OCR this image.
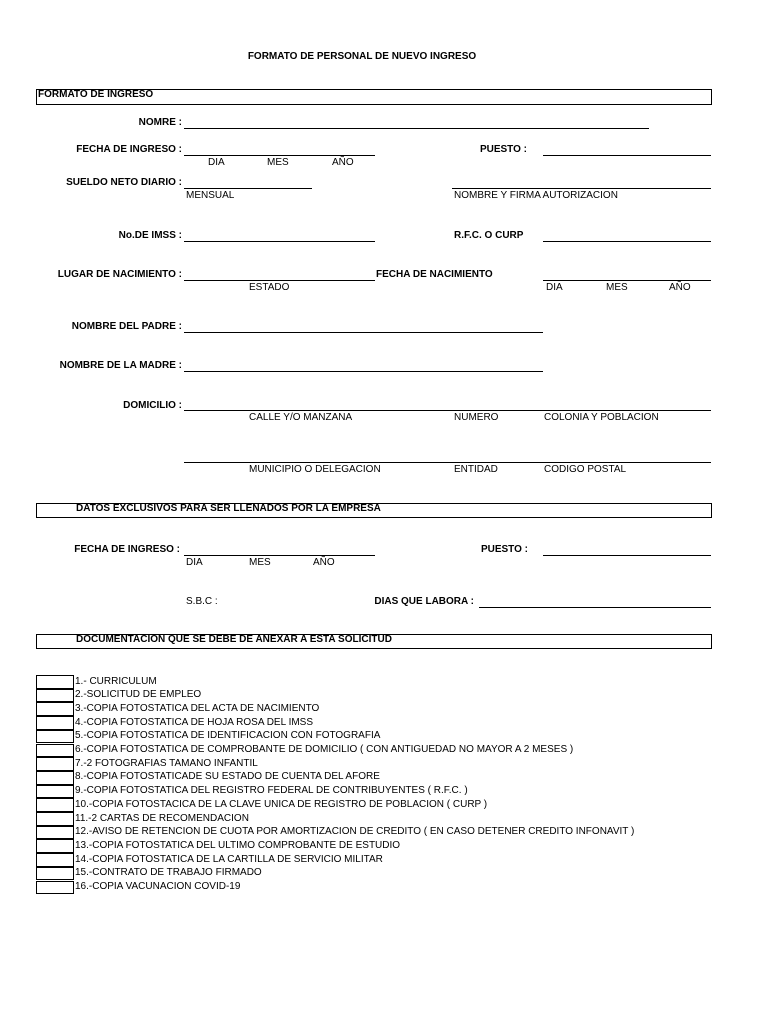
FORMATO DE PERSONAL DE NUEVO INGRESO
FORMATO DE INGRESO
NOMRE :
FECHA DE INGRESO :
DIA	MES	AÑO
PUESTO :
SUELDO NETO DIARIO :
MENSUAL	NOMBRE Y FIRMA AUTORIZACION
No.DE IMSS :	R.F.C. O CURP
LUGAR DE NACIMIENTO :
ESTADO
FECHA DE NACIMIENTO
DIA	MES	AÑO
NOMBRE DEL PADRE :
NOMBRE DE LA MADRE :
DOMICILIO :
CALLE Y/O MANZANA	NUMERO	COLONIA Y POBLACION
MUNICIPIO O DELEGACION	ENTIDAD	CODIGO POSTAL
DATOS EXCLUSIVOS PARA SER LLENADOS POR LA EMPRESA
FECHA DE INGRESO :
DIA	MES	AÑO
PUESTO :
S.B.C :	DIAS QUE LABORA :
DOCUMENTACION QUE SE DEBE DE ANEXAR A ESTA SOLICITUD
1.- CURRICULUM
2.-SOLICITUD DE EMPLEO
3.-COPIA FOTOSTATICA DEL ACTA DE NACIMIENTO
4.-COPIA FOTOSTATICA DE HOJA ROSA DEL IMSS
5.-COPIA FOTOSTATICA DE IDENTIFICACION CON FOTOGRAFIA
6.-COPIA FOTOSTATICA DE COMPROBANTE DE DOMICILIO ( CON ANTIGUEDAD NO MAYOR A 2 MESES )
7.-2 FOTOGRAFIAS TAMANO INFANTIL
8.-COPIA FOTOSTATICADE SU ESTADO DE CUENTA DEL AFORE
9.-COPIA FOTOSTATICA DEL REGISTRO FEDERAL DE CONTRIBUYENTES ( R.F.C. )
10.-COPIA FOTOSTACICA DE LA CLAVE UNICA DE REGISTRO DE POBLACION ( CURP )
11.-2 CARTAS DE RECOMENDACION
12.-AVISO DE RETENCION DE CUOTA POR AMORTIZACION DE CREDITO ( EN CASO DETENER CREDITO INFONAVIT )
13.-COPIA FOTOSTATICA DEL ULTIMO COMPROBANTE DE ESTUDIO
14.-COPIA FOTOSTATICA DE LA CARTILLA DE SERVICIO MILITAR
15.-CONTRATO DE TRABAJO FIRMADO
16.-COPIA VACUNACION COVID-19
